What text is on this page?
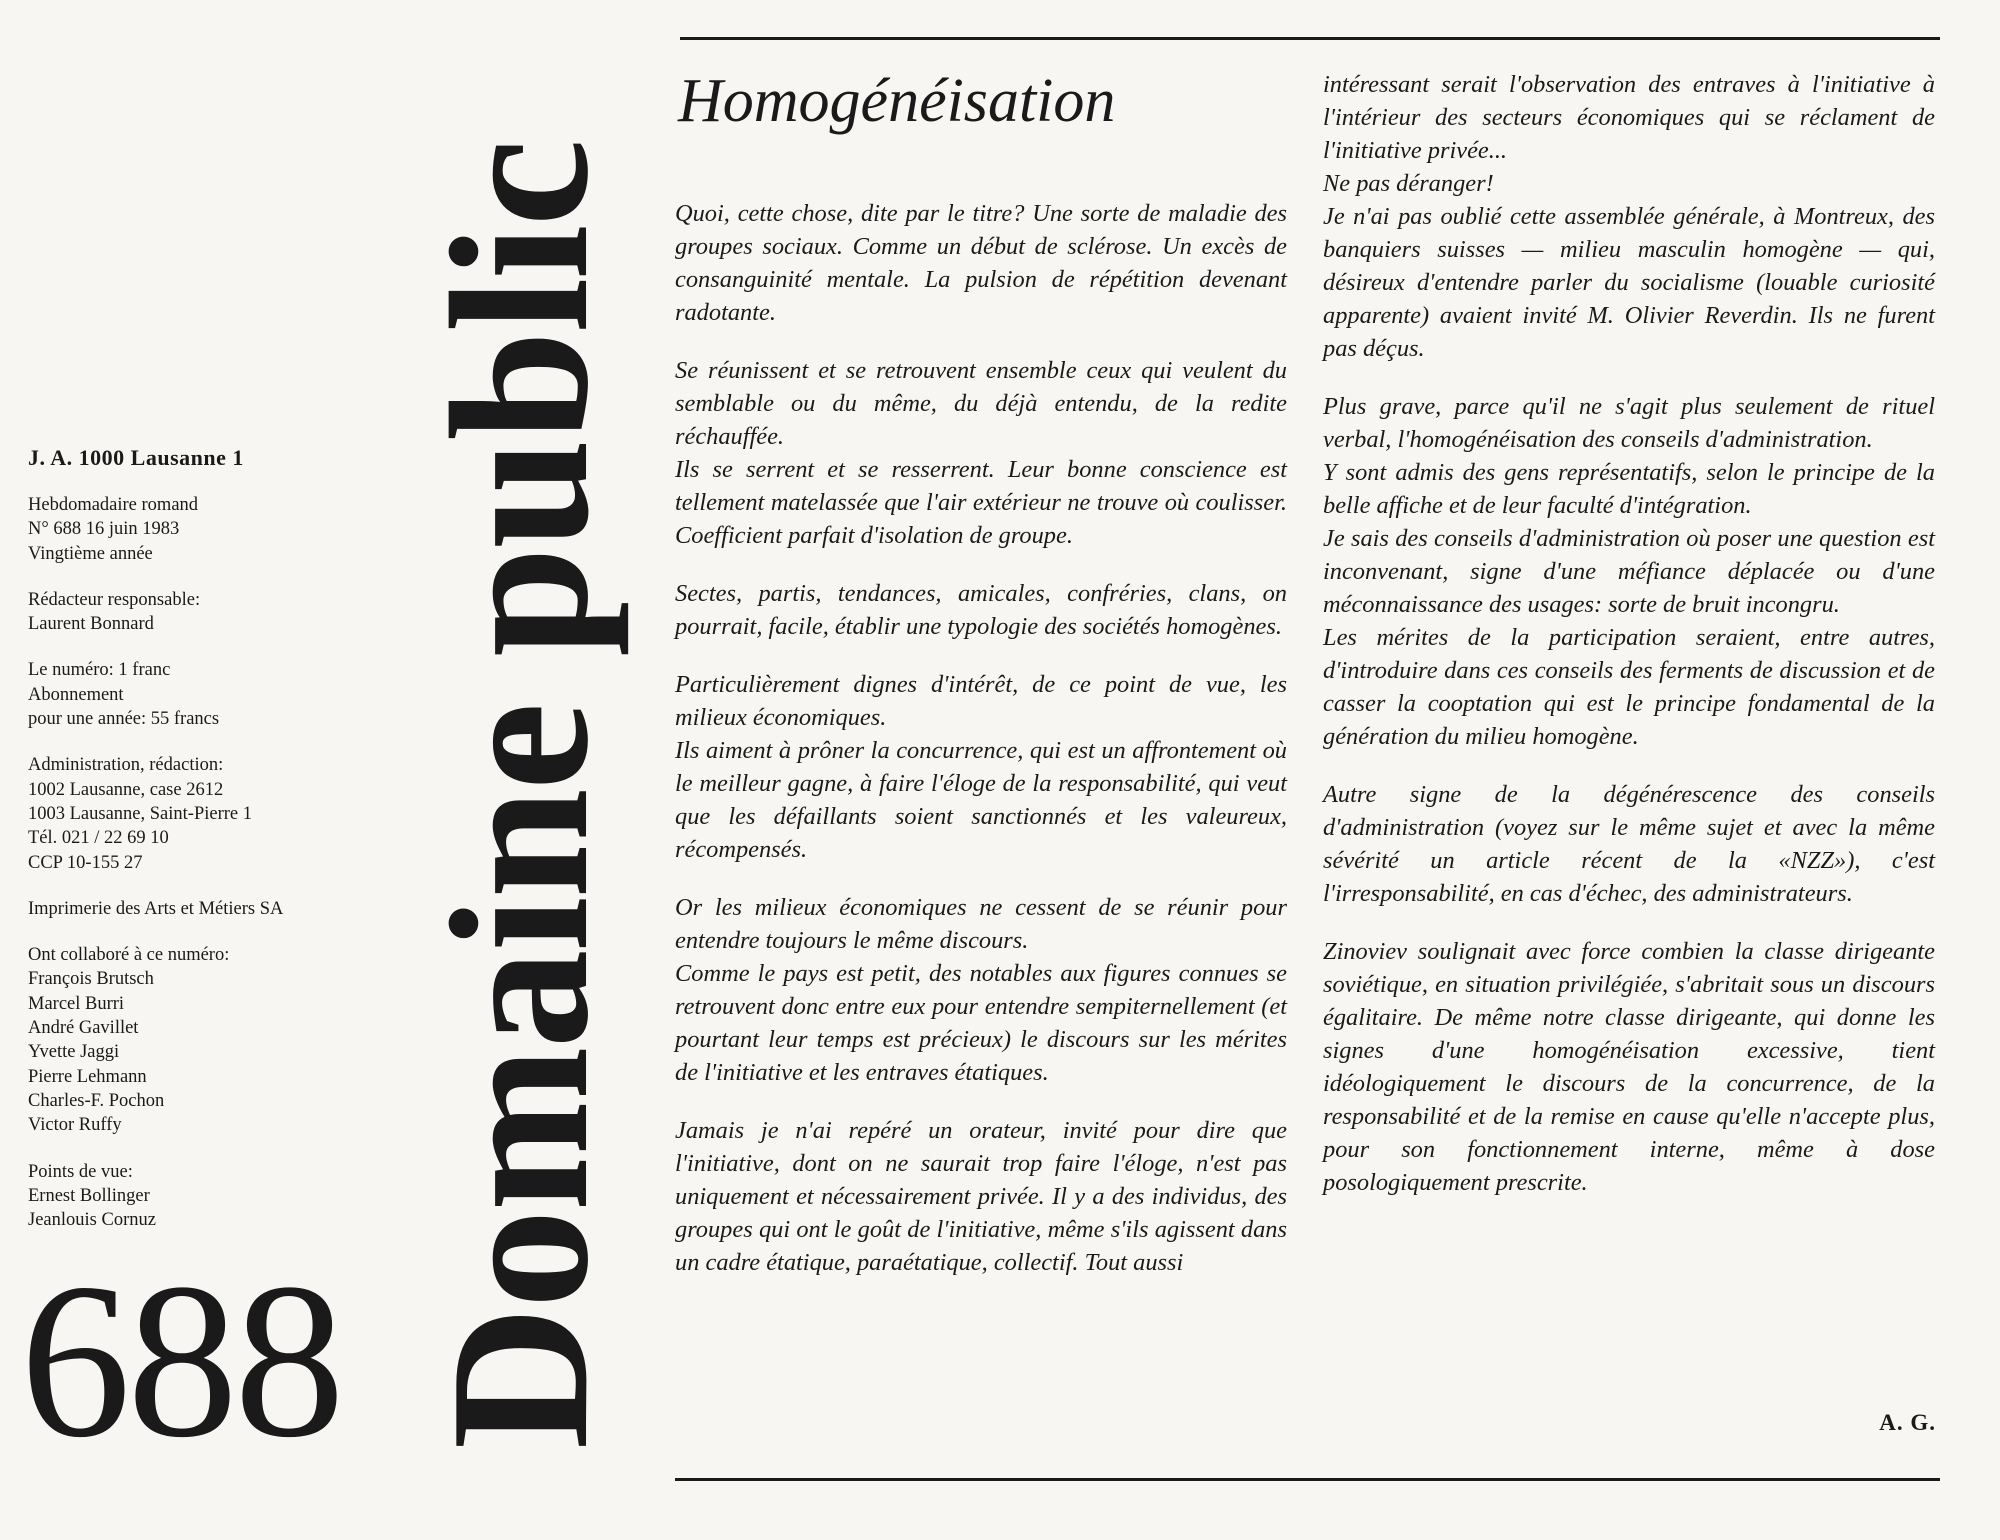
J. A. 1000 Lausanne 1
Hebdomadaire romand
N° 688 16 juin 1983
Vingtième année
Rédacteur responsable:
Laurent Bonnard
Le numéro: 1 franc
Abonnement
pour une année: 55 francs
Administration, rédaction:
1002 Lausanne, case 2612
1003 Lausanne, Saint-Pierre 1
Tél. 021 / 22 69 10
CCP 10-155 27
Imprimerie des Arts et Métiers SA
Ont collaboré à ce numéro:
François Brutsch
Marcel Burri
André Gavillet
Yvette Jaggi
Pierre Lehmann
Charles-F. Pochon
Victor Ruffy
Points de vue:
Ernest Bollinger
Jeanlouis Cornuz
688 Domaine public
Homogénéisation

Quoi, cette chose, dite par le titre? Une sorte de maladie des groupes sociaux. Comme un début de sclérose. Un excès de consanguinité mentale. La pulsion de répétition devenant radotante.

Se réunissent et se retrouvent ensemble ceux qui veulent du semblable ou du même, du déjà entendu, de la redite réchauffée.

Ils se serrent et se resserrent. Leur bonne conscience est tellement matelassée que l'air extérieur ne trouve où coulisser. Coefficient parfait d'isolation de groupe.

Sectes, partis, tendances, amicales, confréries, clans, on pourrait, facile, établir une typologie des sociétés homogènes.

Particulièrement dignes d'intérêt, de ce point de vue, les milieux économiques.

Ils aiment à prôner la concurrence, qui est un affrontement où le meilleur gagne, à faire l'éloge de la responsabilité, qui veut que les défaillants soient sanctionnés et les valeureux, récompensés.

Or les milieux économiques ne cessent de se réunir pour entendre toujours le même discours.

Comme le pays est petit, des notables aux figures connues se retrouvent donc entre eux pour entendre sempiternellement (et pourtant leur temps est précieux) le discours sur les mérites de l'initiative et les entraves étatiques.

Jamais je n'ai repéré un orateur, invité pour dire que l'initiative, dont on ne saurait trop faire l'éloge, n'est pas uniquement et nécessairement privée. Il y a des individus, des groupes qui ont le goût de l'initiative, même s'ils agissent dans un cadre étatique, paraétatique, collectif. Tout aussi

intéressant serait l'observation des entraves à l'initiative à l'intérieur des secteurs économiques qui se réclament de l'initiative privée...

Ne pas déranger!

Je n'ai pas oublié cette assemblée générale, à Montreux, des banquiers suisses — milieu masculin homogène — qui, désireux d'entendre parler du socialisme (louable curiosité apparente) avaient invité M. Olivier Reverdin. Ils ne furent pas déçus.

Plus grave, parce qu'il ne s'agit plus seulement de rituel verbal, l'homogénéisation des conseils d'administration.

Y sont admis des gens représentatifs, selon le principe de la belle affiche et de leur faculté d'intégration.

Je sais des conseils d'administration où poser une question est inconvenant, signe d'une méfiance déplacée ou d'une méconnaissance des usages: sorte de bruit incongru.

Les mérites de la participation seraient, entre autres, d'introduire dans ces conseils des ferments de discussion et de casser la cooptation qui est le principe fondamental de la génération du milieu homogène.

Autre signe de la dégénérescence des conseils d'administration (voyez sur le même sujet et avec la même sévérité un article récent de la «NZZ»), c'est l'irresponsabilité, en cas d'échec, des administrateurs.

Zinoviev soulignait avec force combien la classe dirigeante soviétique, en situation privilégiée, s'abritait sous un discours égalitaire. De même notre classe dirigeante, qui donne les signes d'une homogénéisation excessive, tient idéologiquement le discours de la concurrence, de la responsabilité et de la remise en cause qu'elle n'accepte plus, pour son fonctionnement interne, même à dose posologiquement prescrite.

A. G.
